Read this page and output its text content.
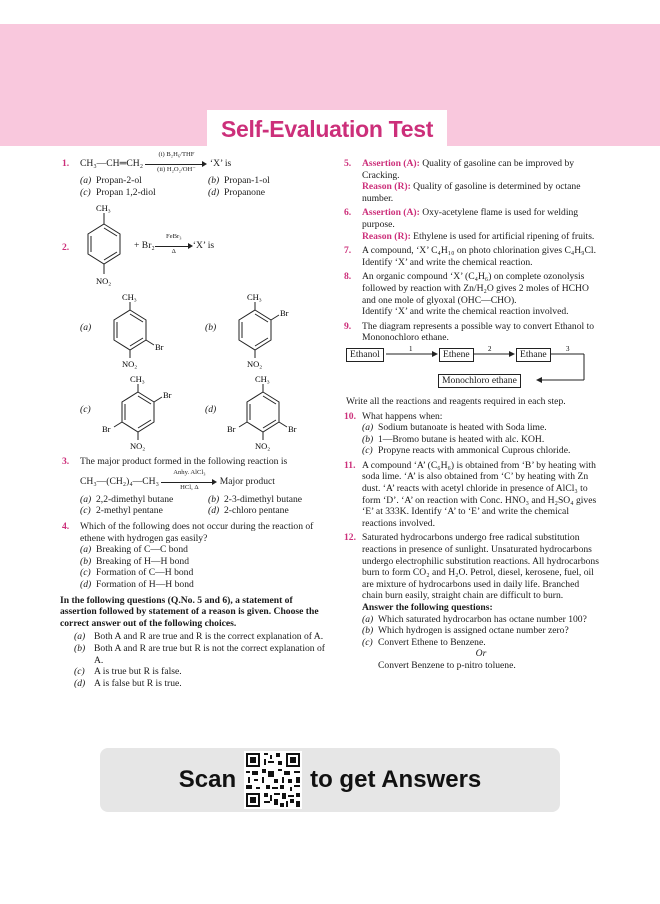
Self-Evaluation Test
1. CH₃—CH═CH₂
(i) B₂H₆/THF
(ii) H₂O₂/OH⁻
‘X’ is
(a) Propan-2-ol	(b) Propan-1-ol
(c) Propan 1,2-diol	(d) Propanone
2.
CH₃
NO₂
+ Br₂
FeBr₃
Δ
‘X’ is
(a)
CH₃
Br
NO₂
(b)
CH₃
Br
NO₂
(c)
CH₃
Br
Br
NO₂
(d)
CH₃
Br
Br
NO₂
3. The major product formed in the following reaction is
CH₃—(CH₂)₄—CH₃
Anhy. AlCl₃
HCl, Δ
Major product
(a) 2,2-dimethyl butane	(b) 2-3-dimethyl butane
(c) 2-methyl pentane	(d) 2-chloro pentane
4. Which of the following does not occur during the reaction of ethene with hydrogen gas easily?
(a) Breaking of C—C bond
(b) Breaking of H—H bond
(c) Formation of C—H bond
(d) Formation of H—H bond
In the following questions (Q.No. 5 and 6), a statement of assertion followed by statement of a reason is given. Choose the correct answer out of the following choices.
(a) Both A and R are true and R is the correct explanation of A.
(b) Both A and R are true but R is not the correct explanation of A.
(c) A is true but R is false.
(d) A is false but R is true.
5. Assertion (A): Quality of gasoline can be improved by Cracking.
Reason (R): Quality of gasoline is determined by octane number.
6. Assertion (A): Oxy-acetylene flame is used for welding purpose.
Reason (R): Ethylene is used for artificial ripening of fruits.
7. A compound, ‘X’ C₄H₁₀ on photo chlorination gives C₄H₉Cl. Identify ‘X’ and write the chemical reaction.
8. An organic compound ‘X’ (C₄H₆) on complete ozonolysis followed by reaction with Zn/H₂O gives 2 moles of HCHO and one mole of glyoxal (OHC—CHO).
Identify ‘X’ and write the chemical reaction involved.
9. The diagram represents a possible way to convert Ethanol to Mononochloro ethane.
1	2	3
Ethanol	Ethene	Ethane
Monochloro ethane
Write all the reactions and reagents required in each step.
10. What happens when:
(a) Sodium butanoate is heated with Soda lime.
(b) 1—Bromo butane is heated with alc. KOH.
(c) Propyne reacts with ammonical Cuprous chloride.
11. A compound ‘A’ (C₆H₆) is obtained from ‘B’ by heating with soda lime. ‘A’ is also obtained from ‘C’ by heating with Zn dust. ‘A’ reacts with acetyl chloride in presence of AlCl₃ to form ‘D’. ‘A’ on reaction with Conc. HNO₃ and H₂SO₄ gives ‘E’ at 333K. Identify ‘A’ to ‘E’ and write the chemical reactions involved.
12. Saturated hydrocarbons undergo free radical substitution reactions in presence of sunlight. Unsaturated hydrocarbons undergo electrophilic substitution reactions. All hydrocarbons burn to form CO₂ and H₂O. Petrol, diesel, kerosene, fuel, oil are mixture of hydrocarbons used in daily life. Branched chain burn easily, straight chain are difficult to burn.
Answer the following questions:
(a) Which saturated hydrocarbon has octane number 100?
(b) Which hydrogen is assigned octane number zero?
(c) Convert Ethene to Benzene.
Or
Convert Benzene to p-nitro toluene.
Scan	to get Answers
